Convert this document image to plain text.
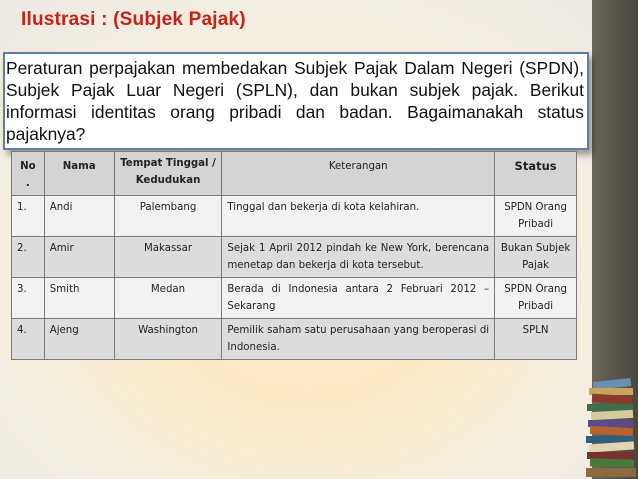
Ilustrasi : (Subjek Pajak)
Peraturan perpajakan membedakan Subjek Pajak Dalam Negeri (SPDN), Subjek Pajak Luar Negeri (SPLN), dan bukan subjek pajak. Berikut informasi identitas orang pribadi dan badan. Bagaimanakah status pajaknya?
No .	Nama	Tempat Tinggal / Kedudukan	Keterangan	Status
1.	Andi	Palembang	Tinggal dan bekerja di kota kelahiran.	SPDN Orang Pribadi
2.	Amir	Makassar	Sejak 1 April 2012 pindah ke New York, berencana menetap dan bekerja di kota tersebut.	Bukan Subjek Pajak
3.	Smith	Medan	Berada di Indonesia antara 2 Februari 2012 – Sekarang	SPDN Orang Pribadi
4.	Ajeng	Washington	Pemilik saham satu perusahaan yang beroperasi di Indonesia.	SPLN
